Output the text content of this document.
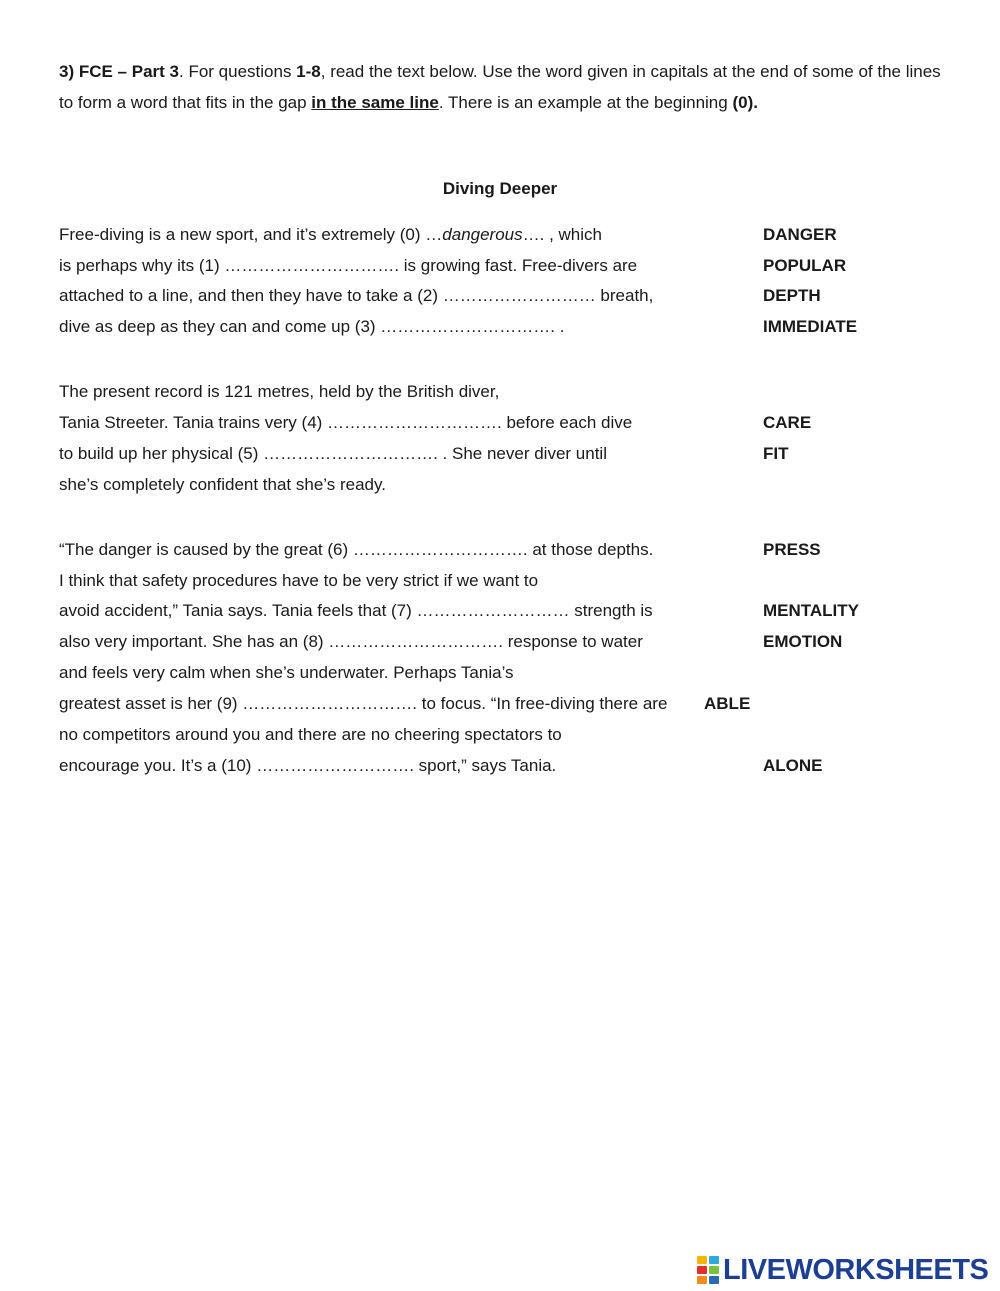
3) FCE – Part 3. For questions 1-8, read the text below. Use the word given in capitals at the end of some of the lines to form a word that fits in the gap in the same line. There is an example at the beginning (0).
Diving Deeper
Free-diving is a new sport, and it’s extremely (0) …dangerous…. , which	DANGER
is perhaps why its (1) …………………………. is growing fast. Free-divers are	POPULAR
attached to a line, and then they have to take a (2) ……………………… breath,	DEPTH
dive as deep as they can and come up (3) …………………………. .	IMMEDIATE
The present record is 121 metres, held by the British diver,
Tania Streeter. Tania trains very (4) …………………………. before each dive	CARE
to build up her physical (5) …………………………. . She never diver until	FIT
she’s completely confident that she’s ready.
“The danger is caused by the great (6) …………………………. at those depths.	PRESS
I think that safety procedures have to be very strict if we want to
avoid accident,” Tania says. Tania feels that (7) ……………………… strength is	MENTALITY
also very important. She has an (8) …………………………. response to water	EMOTION
and feels very calm when she’s underwater. Perhaps Tania’s
greatest asset is her (9) …………………………. to focus. “In free-diving there are	ABLE
no competitors around you and there are no cheering spectators to
encourage you. It’s a (10) ………………………. sport,” says Tania.	ALONE
LIVEWORKSHEETS
